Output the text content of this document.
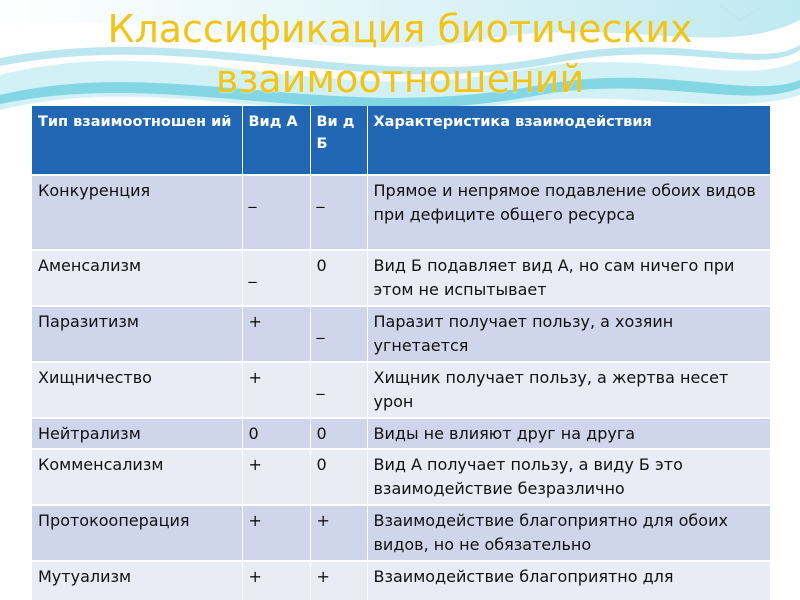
Классификация биотических
взаимоотношений
Тип взаимоотношен ий	Вид А	Ви д Б	Характеристика взаимодействия
Конкуренция	_	_	Прямое и непрямое подавление обоих видов при дефиците общего ресурса
Аменсализм	_	0	Вид Б подавляет вид А, но сам ничего при этом не испытывает
Паразитизм	+	_	Паразит получает пользу, а хозяин угнетается
Хищничество	+	_	Хищник получает пользу, а жертва несет урон
Нейтрализм	0	0	Виды не влияют друг на друга
Комменсализм	+	0	Вид А получает пользу, а виду Б это взаимодействие безразлично
Протокооперация	+	+	Взаимодействие благоприятно для обоих видов, но не обязательно
Мутуализм	+	+	Взаимодействие благоприятно для
